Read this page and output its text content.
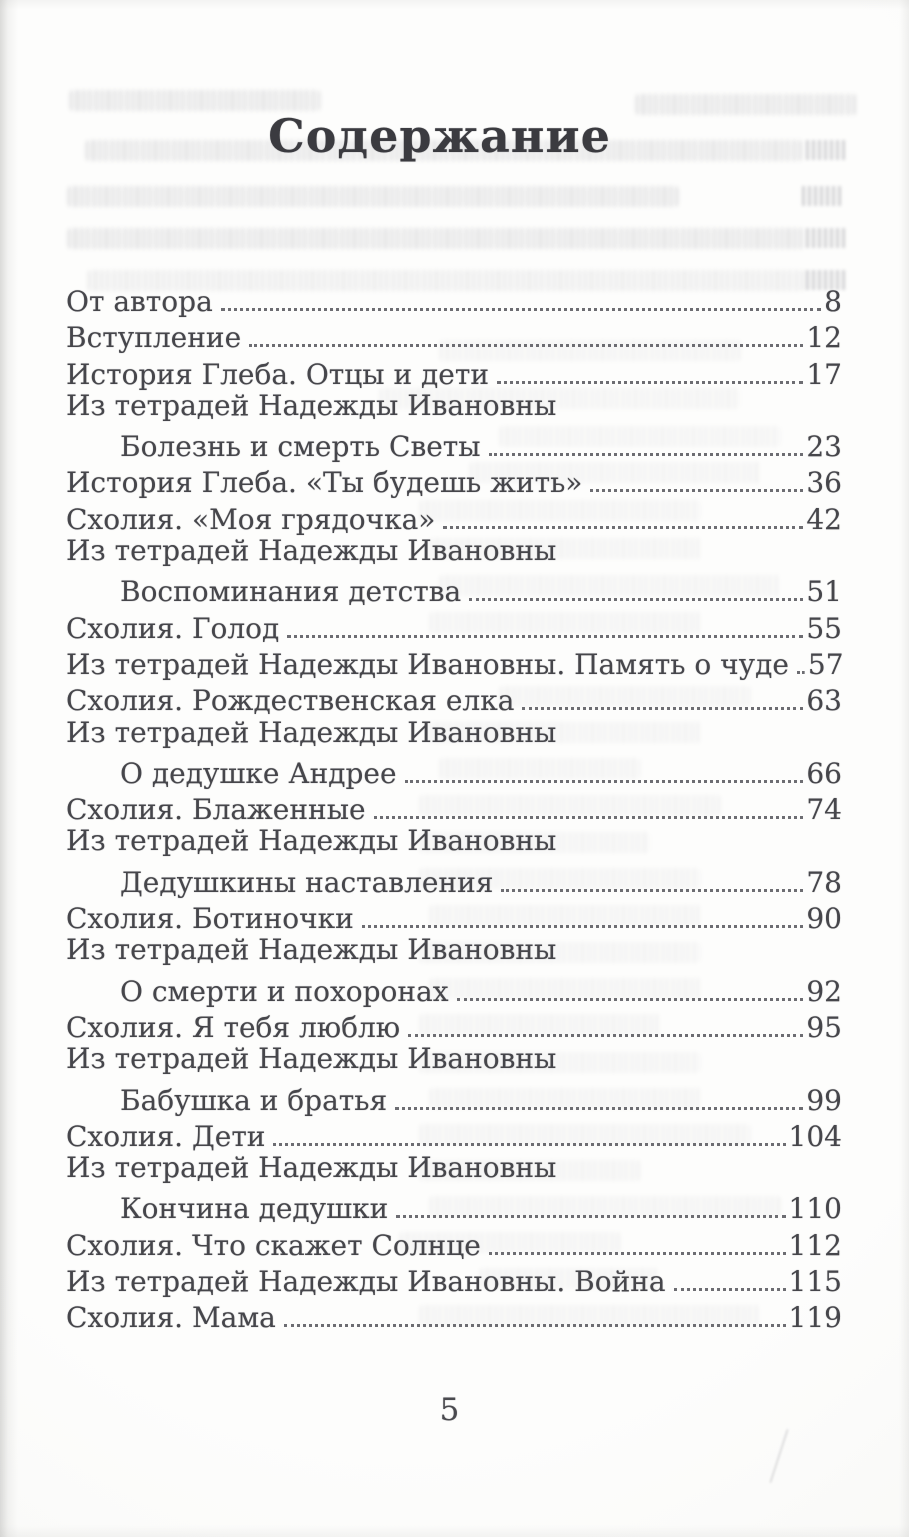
Содержание
От автора	8
Вступление	12
История Глеба. Отцы и дети	17
Из тетрадей Надежды Ивановны
Болезнь и смерть Светы	23
История Глеба. «Ты будешь жить»	36
Схолия. «Моя грядочка»	42
Из тетрадей Надежды Ивановны
Воспоминания детства	51
Схолия. Голод	55
Из тетрадей Надежды Ивановны. Память о чуде 57
Схолия. Рождественская елка	63
Из тетрадей Надежды Ивановны
О дедушке Андрее	66
Схолия. Блаженные	74
Из тетрадей Надежды Ивановны
Дедушкины наставления	78
Схолия. Ботиночки	90
Из тетрадей Надежды Ивановны
О смерти и похоронах	92
Схолия. Я тебя люблю	95
Из тетрадей Надежды Ивановны
Бабушка и братья	99
Схолия. Дети	104
Из тетрадей Надежды Ивановны
Кончина дедушки	110
Схолия. Что скажет Солнце	112
Из тетрадей Надежды Ивановны. Война	115
Схолия. Мама	119
5
